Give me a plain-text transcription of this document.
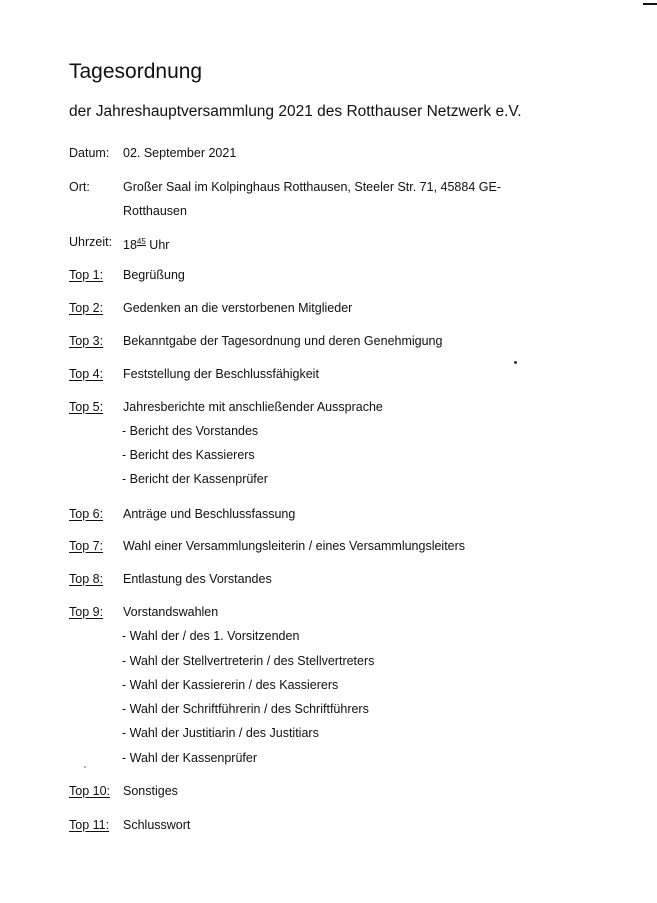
Tagesordnung

der Jahreshauptversammlung 2021 des Rotthauser Netzwerk e.V.

Datum: 02. September 2021
Ort:	Großer Saal im Kolpinghaus Rotthausen, Steeler Str. 71, 45884 GE-
Rotthausen
Uhrzeit: $18^{45}$ Uhr
Top 1: Begrüßung
Top 2: Gedenken an die verstorbenen Mitglieder
Top 3: Bekanntgabe der Tagesordnung und deren Genehmigung
Top 4: Feststellung der Beschlussfähigkeit
Top 5: Jahresberichte mit anschließender Aussprache
- Bericht des Vorstandes
- Bericht des Kassierers
- Bericht der Kassenprüfer
Top 6: Anträge und Beschlussfassung
Top 7: Wahl einer Versammlungsleiterin / eines Versammlungsleiters
Top 8: Entlastung des Vorstandes
Top 9: Vorstandswahlen
- Wahl der / des 1. Vorsitzenden
- Wahl der Stellvertreterin / des Stellvertreters
- Wahl der Kassiererin / des Kassierers
- Wahl der Schriftführerin / des Schriftführers
- Wahl der Justitiarin / des Justitiars
- Wahl der Kassenprüfer
Top 10: Sonstiges
Top 11: Schlusswort
